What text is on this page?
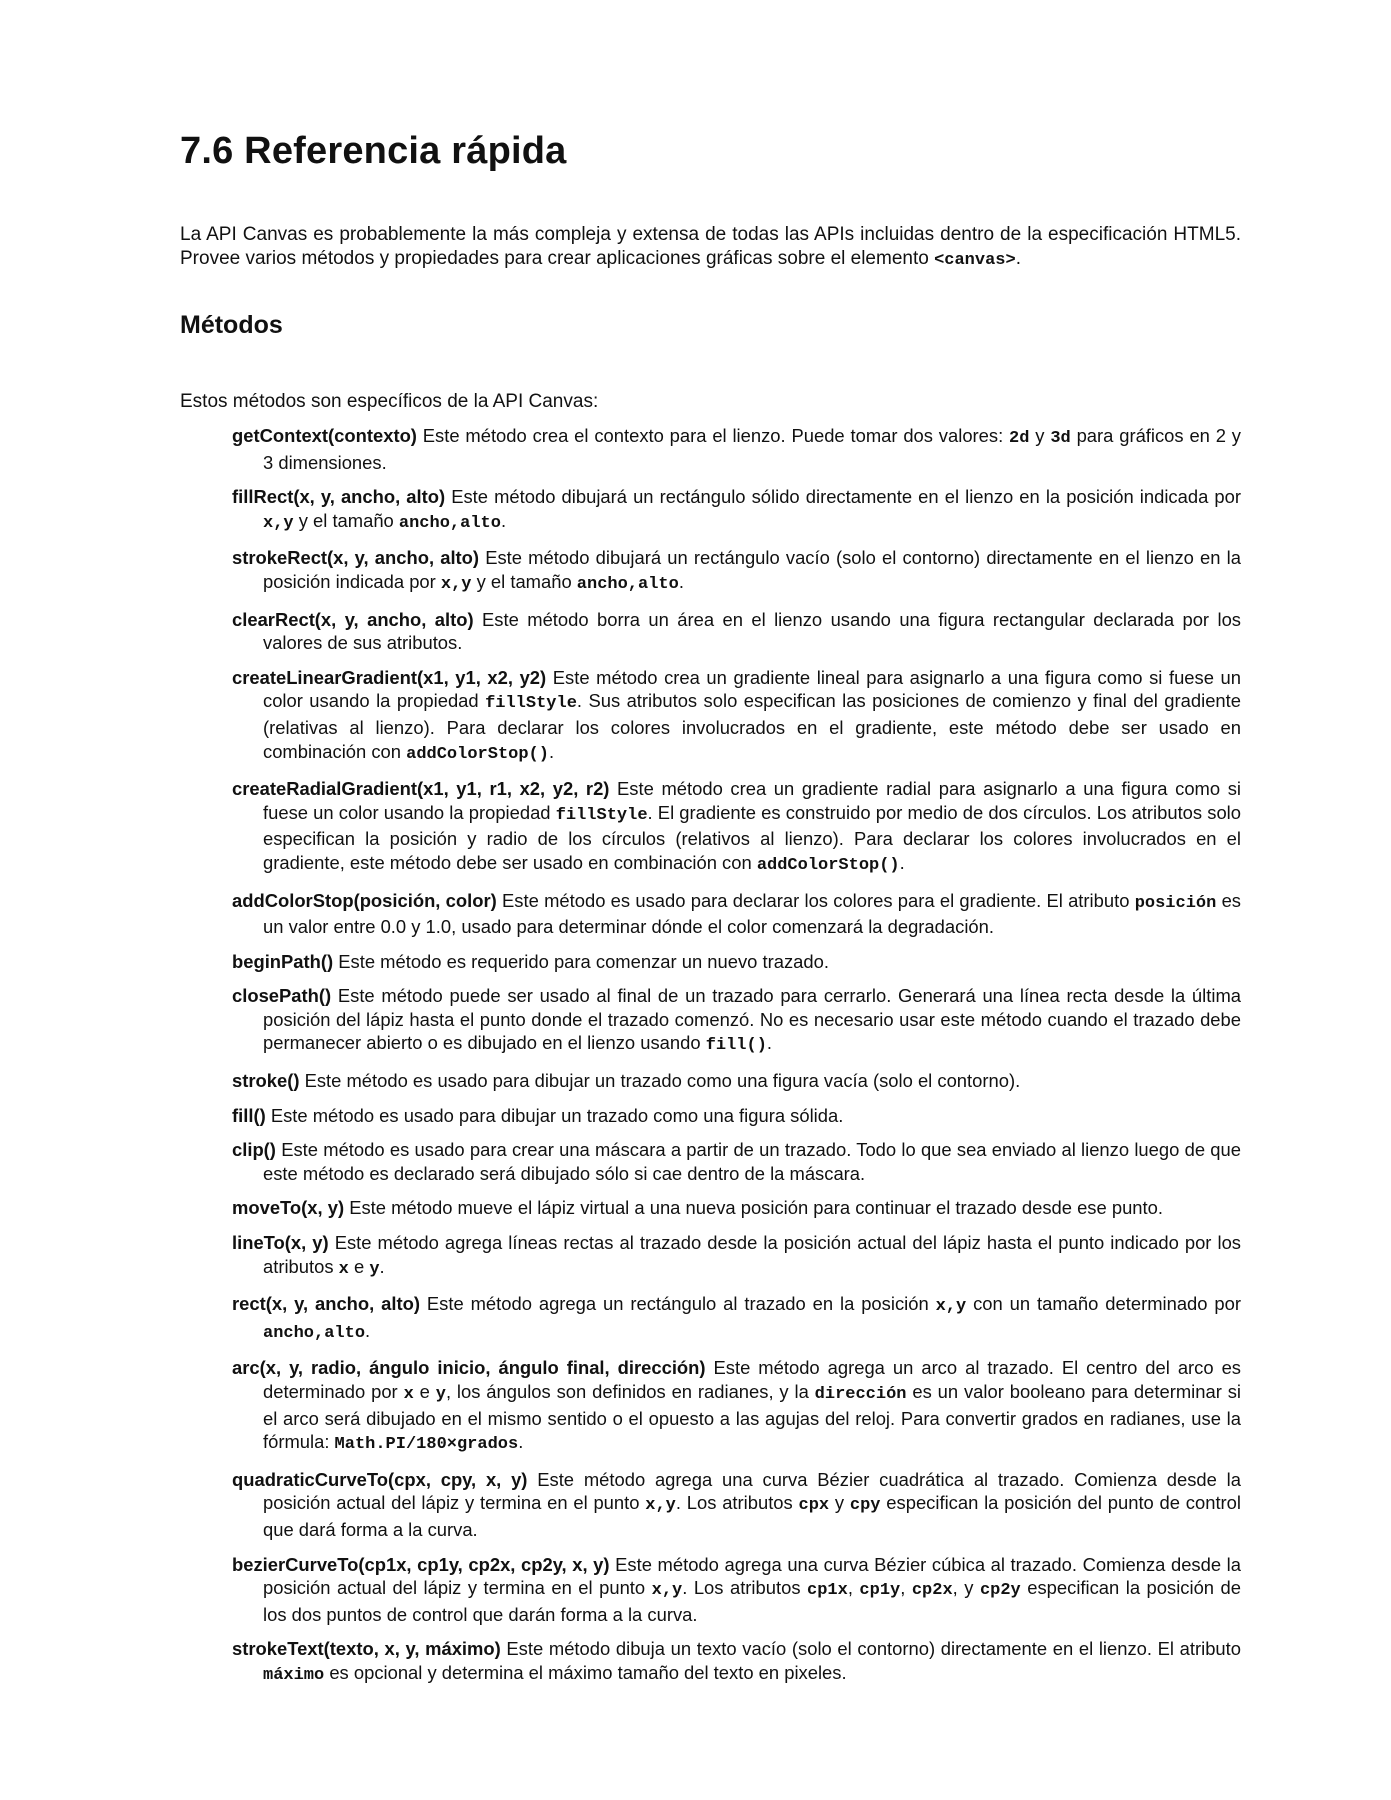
7.6 Referencia rápida

La API Canvas es probablemente la más compleja y extensa de todas las APIs incluidas dentro de la especificación HTML5. Provee varios métodos y propiedades para crear aplicaciones gráficas sobre el elemento <canvas>.

Métodos

Estos métodos son específicos de la API Canvas:

getContext(contexto) Este método crea el contexto para el lienzo. Puede tomar dos valores: 2d y 3d para gráficos en 2 y 3 dimensiones.

fillRect(x, y, ancho, alto) Este método dibujará un rectángulo sólido directamente en el lienzo en la posición indicada por x,y y el tamaño ancho,alto.

strokeRect(x, y, ancho, alto) Este método dibujará un rectángulo vacío (solo el contorno) directamente en el lienzo en la posición indicada por x,y y el tamaño ancho,alto.

clearRect(x, y, ancho, alto) Este método borra un área en el lienzo usando una figura rectangular declarada por los valores de sus atributos.

createLinearGradient(x1, y1, x2, y2) Este método crea un gradiente lineal para asignarlo a una figura como si fuese un color usando la propiedad fillStyle. Sus atributos solo especifican las posiciones de comienzo y final del gradiente (relativas al lienzo). Para declarar los colores involucrados en el gradiente, este método debe ser usado en combinación con addColorStop().

createRadialGradient(x1, y1, r1, x2, y2, r2) Este método crea un gradiente radial para asignarlo a una figura como si fuese un color usando la propiedad fillStyle. El gradiente es construido por medio de dos círculos. Los atributos solo especifican la posición y radio de los círculos (relativos al lienzo). Para declarar los colores involucrados en el gradiente, este método debe ser usado en combinación con addColorStop().

addColorStop(posición, color) Este método es usado para declarar los colores para el gradiente. El atributo posición es un valor entre 0.0 y 1.0, usado para determinar dónde el color comenzará la degradación.

beginPath() Este método es requerido para comenzar un nuevo trazado.

closePath() Este método puede ser usado al final de un trazado para cerrarlo. Generará una línea recta desde la última posición del lápiz hasta el punto donde el trazado comenzó. No es necesario usar este método cuando el trazado debe permanecer abierto o es dibujado en el lienzo usando fill().

stroke() Este método es usado para dibujar un trazado como una figura vacía (solo el contorno).

fill() Este método es usado para dibujar un trazado como una figura sólida.

clip() Este método es usado para crear una máscara a partir de un trazado. Todo lo que sea enviado al lienzo luego de que este método es declarado será dibujado sólo si cae dentro de la máscara.

moveTo(x, y) Este método mueve el lápiz virtual a una nueva posición para continuar el trazado desde ese punto.

lineTo(x, y) Este método agrega líneas rectas al trazado desde la posición actual del lápiz hasta el punto indicado por los atributos x e y.

rect(x, y, ancho, alto) Este método agrega un rectángulo al trazado en la posición x,y con un tamaño determinado por ancho,alto.

arc(x, y, radio, ángulo inicio, ángulo final, dirección) Este método agrega un arco al trazado. El centro del arco es determinado por x e y, los ángulos son definidos en radianes, y la dirección es un valor booleano para determinar si el arco será dibujado en el mismo sentido o el opuesto a las agujas del reloj. Para convertir grados en radianes, use la fórmula: Math.PI/180×grados.

quadraticCurveTo(cpx, cpy, x, y) Este método agrega una curva Bézier cuadrática al trazado. Comienza desde la posición actual del lápiz y termina en el punto x,y. Los atributos cpx y cpy especifican la posición del punto de control que dará forma a la curva.

bezierCurveTo(cp1x, cp1y, cp2x, cp2y, x, y) Este método agrega una curva Bézier cúbica al trazado. Comienza desde la posición actual del lápiz y termina en el punto x,y. Los atributos cp1x, cp1y, cp2x, y cp2y especifican la posición de los dos puntos de control que darán forma a la curva.

strokeText(texto, x, y, máximo) Este método dibuja un texto vacío (solo el contorno) directamente en el lienzo. El atributo máximo es opcional y determina el máximo tamaño del texto en pixeles.
